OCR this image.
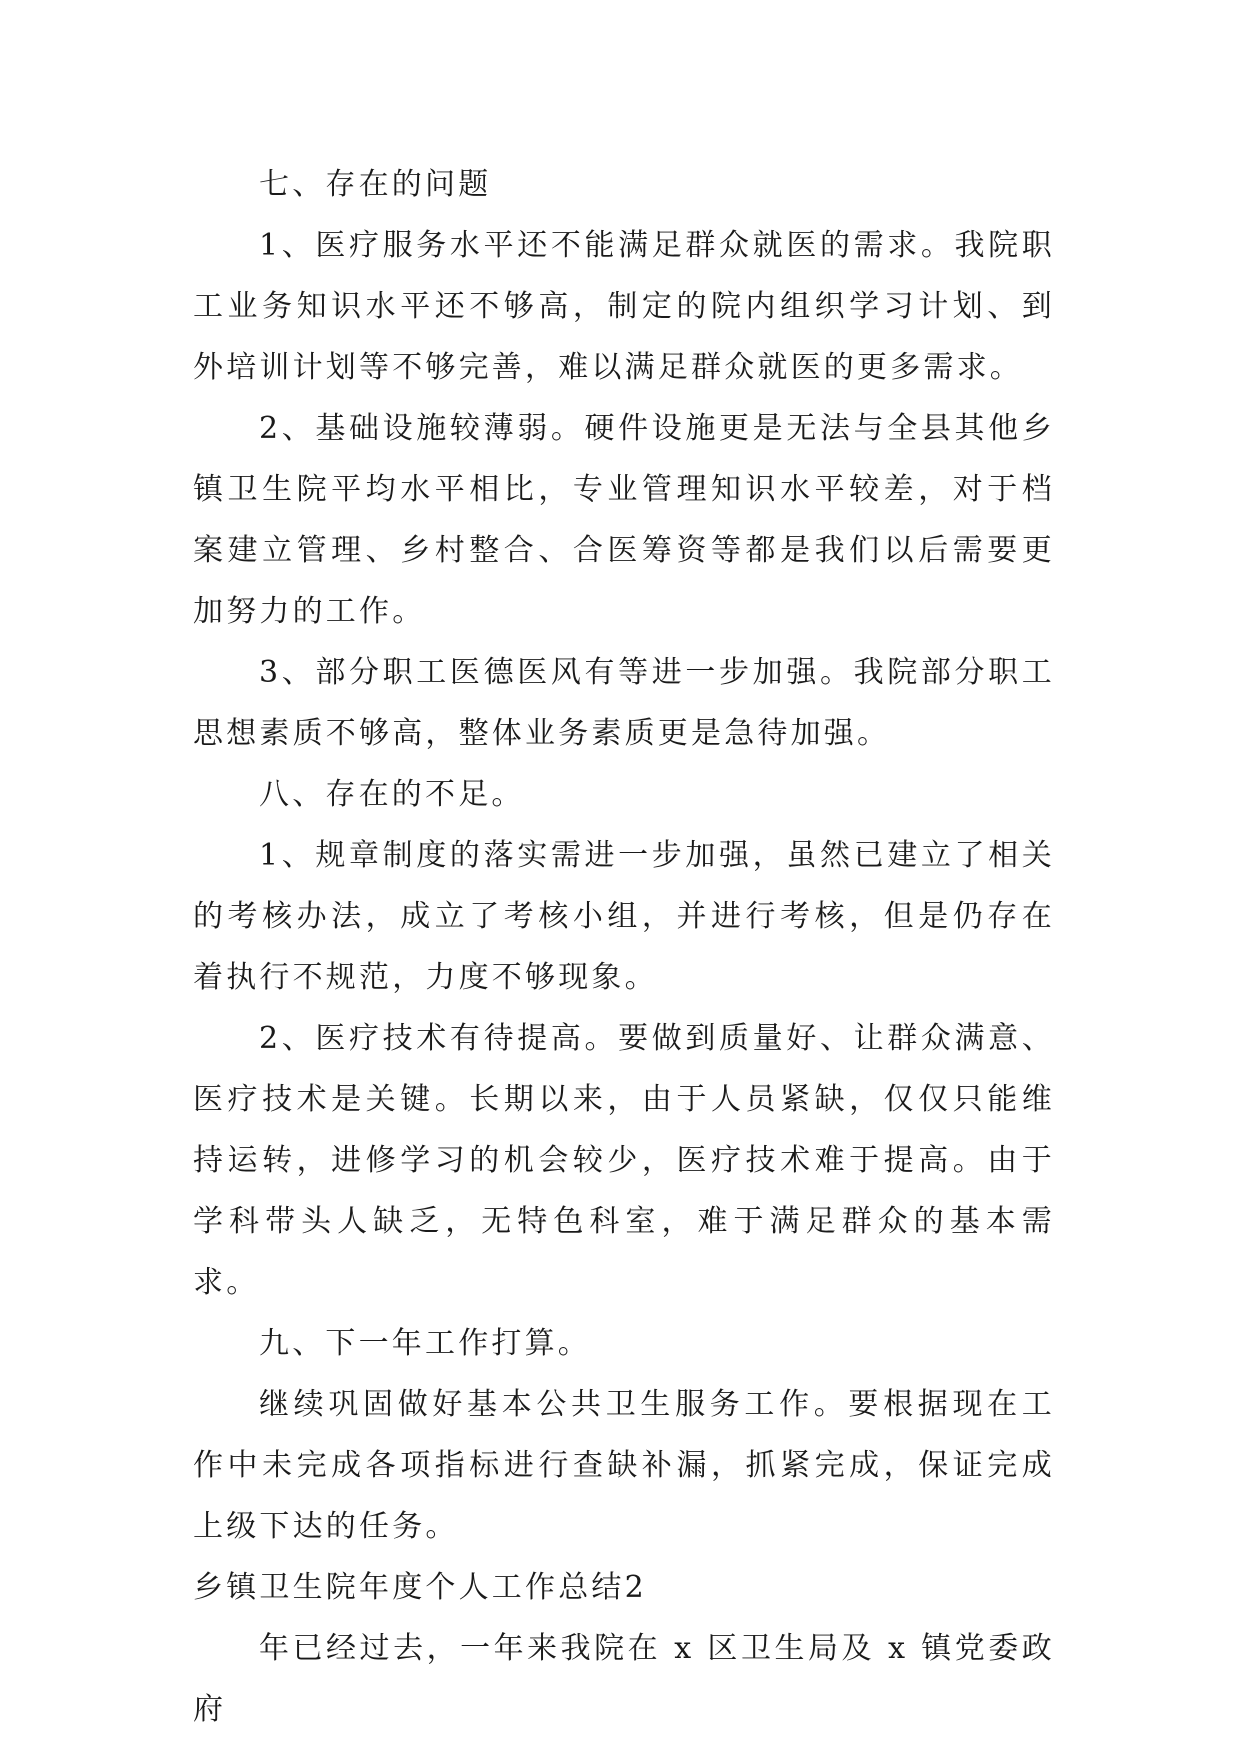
七、存在的问题

1、医疗服务水平还不能满足群众就医的需求。我院职工业务知识水平还不够高，制定的院内组织学习计划、到外培训计划等不够完善，难以满足群众就医的更多需求。

2、基础设施较薄弱。硬件设施更是无法与全县其他乡镇卫生院平均水平相比，专业管理知识水平较差，对于档案建立管理、乡村整合、合医筹资等都是我们以后需要更加努力的工作。

3、部分职工医德医风有等进一步加强。我院部分职工思想素质不够高，整体业务素质更是急待加强。

八、存在的不足。

1、规章制度的落实需进一步加强，虽然已建立了相关的考核办法，成立了考核小组，并进行考核，但是仍存在着执行不规范，力度不够现象。

2、医疗技术有待提高。要做到质量好、让群众满意、医疗技术是关键。长期以来，由于人员紧缺，仅仅只能维持运转，进修学习的机会较少，医疗技术难于提高。由于学科带头人缺乏，无特色科室，难于满足群众的基本需求。

九、下一年工作打算。

继续巩固做好基本公共卫生服务工作。要根据现在工作中未完成各项指标进行查缺补漏，抓紧完成，保证完成上级下达的任务。

乡镇卫生院年度个人工作总结2

年已经过去，一年来我院在 x 区卫生局及 x 镇党委政府
